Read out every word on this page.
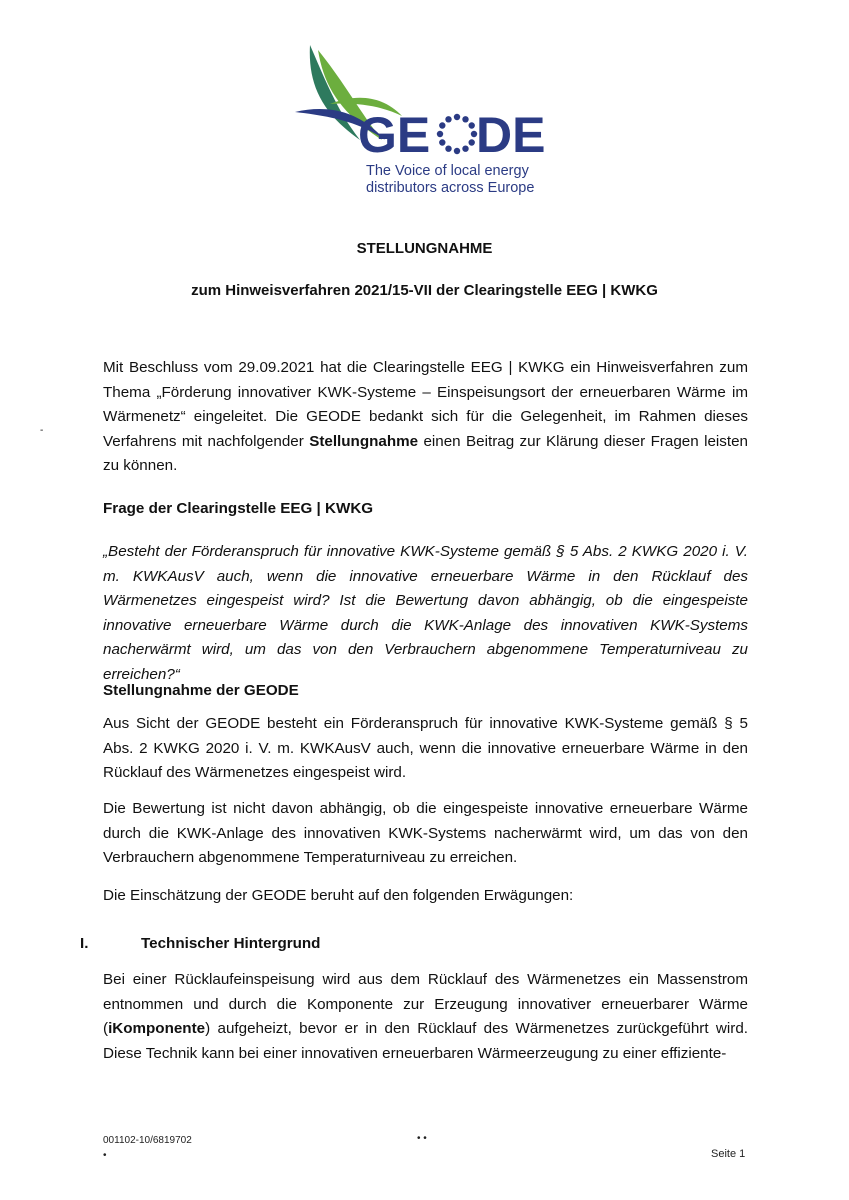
GE DE
The Voice of local energy
distributors across Europe
STELLUNGNAHME
zum Hinweisverfahren 2021/15-VII der Clearingstelle EEG | KWKG
-

Mit Beschluss vom 29.09.2021 hat die Clearingstelle EEG | KWKG ein Hinweisverfahren zum Thema „Förderung innovativer KWK-Systeme – Einspeisungsort der erneuerbaren Wärme im Wärmenetz“ eingeleitet. Die GEODE bedankt sich für die Gelegenheit, im Rahmen dieses Verfahrens mit nachfolgender Stellungnahme einen Beitrag zur Klärung dieser Fragen leisten zu können.

Frage der Clearingstelle EEG | KWKG

„Besteht der Förderanspruch für innovative KWK-Systeme gemäß § 5 Abs. 2 KWKG 2020 i. V. m. KWKAusV auch, wenn die innovative erneuerbare Wärme in den Rücklauf des Wärmenetzes eingespeist wird? Ist die Bewertung davon abhängig, ob die eingespeiste innovative erneuerbare Wärme durch die KWK-Anlage des innovativen KWK-Systems nacherwärmt wird, um das von den Verbrauchern abgenommene Temperaturniveau zu erreichen?“

Stellungnahme der GEODE

Aus Sicht der GEODE besteht ein Förderanspruch für innovative KWK-Systeme gemäß § 5 Abs. 2 KWKG 2020 i. V. m. KWKAusV auch, wenn die innovative erneuerbare Wärme in den Rücklauf des Wärmenetzes eingespeist wird.

Die Bewertung ist nicht davon abhängig, ob die eingespeiste innovative erneuerbare Wärme durch die KWK-Anlage des innovativen KWK-Systems nacherwärmt wird, um das von den Verbrauchern abgenommene Temperaturniveau zu erreichen.

Die Einschätzung der GEODE beruht auf den folgenden Erwägungen:

I.	Technischer Hintergrund

Bei einer Rücklaufeinspeisung wird aus dem Rücklauf des Wärmenetzes ein Massenstrom entnommen und durch die Komponente zur Erzeugung innovativer erneuerbarer Wärme (iKomponente) aufgeheizt, bevor er in den Rücklauf des Wärmenetzes zurückgeführt wird. Diese Technik kann bei einer innovativen erneuerbaren Wärmeerzeugung zu einer effiziente-

001102-10/6819702
•
• •
Seite 1
